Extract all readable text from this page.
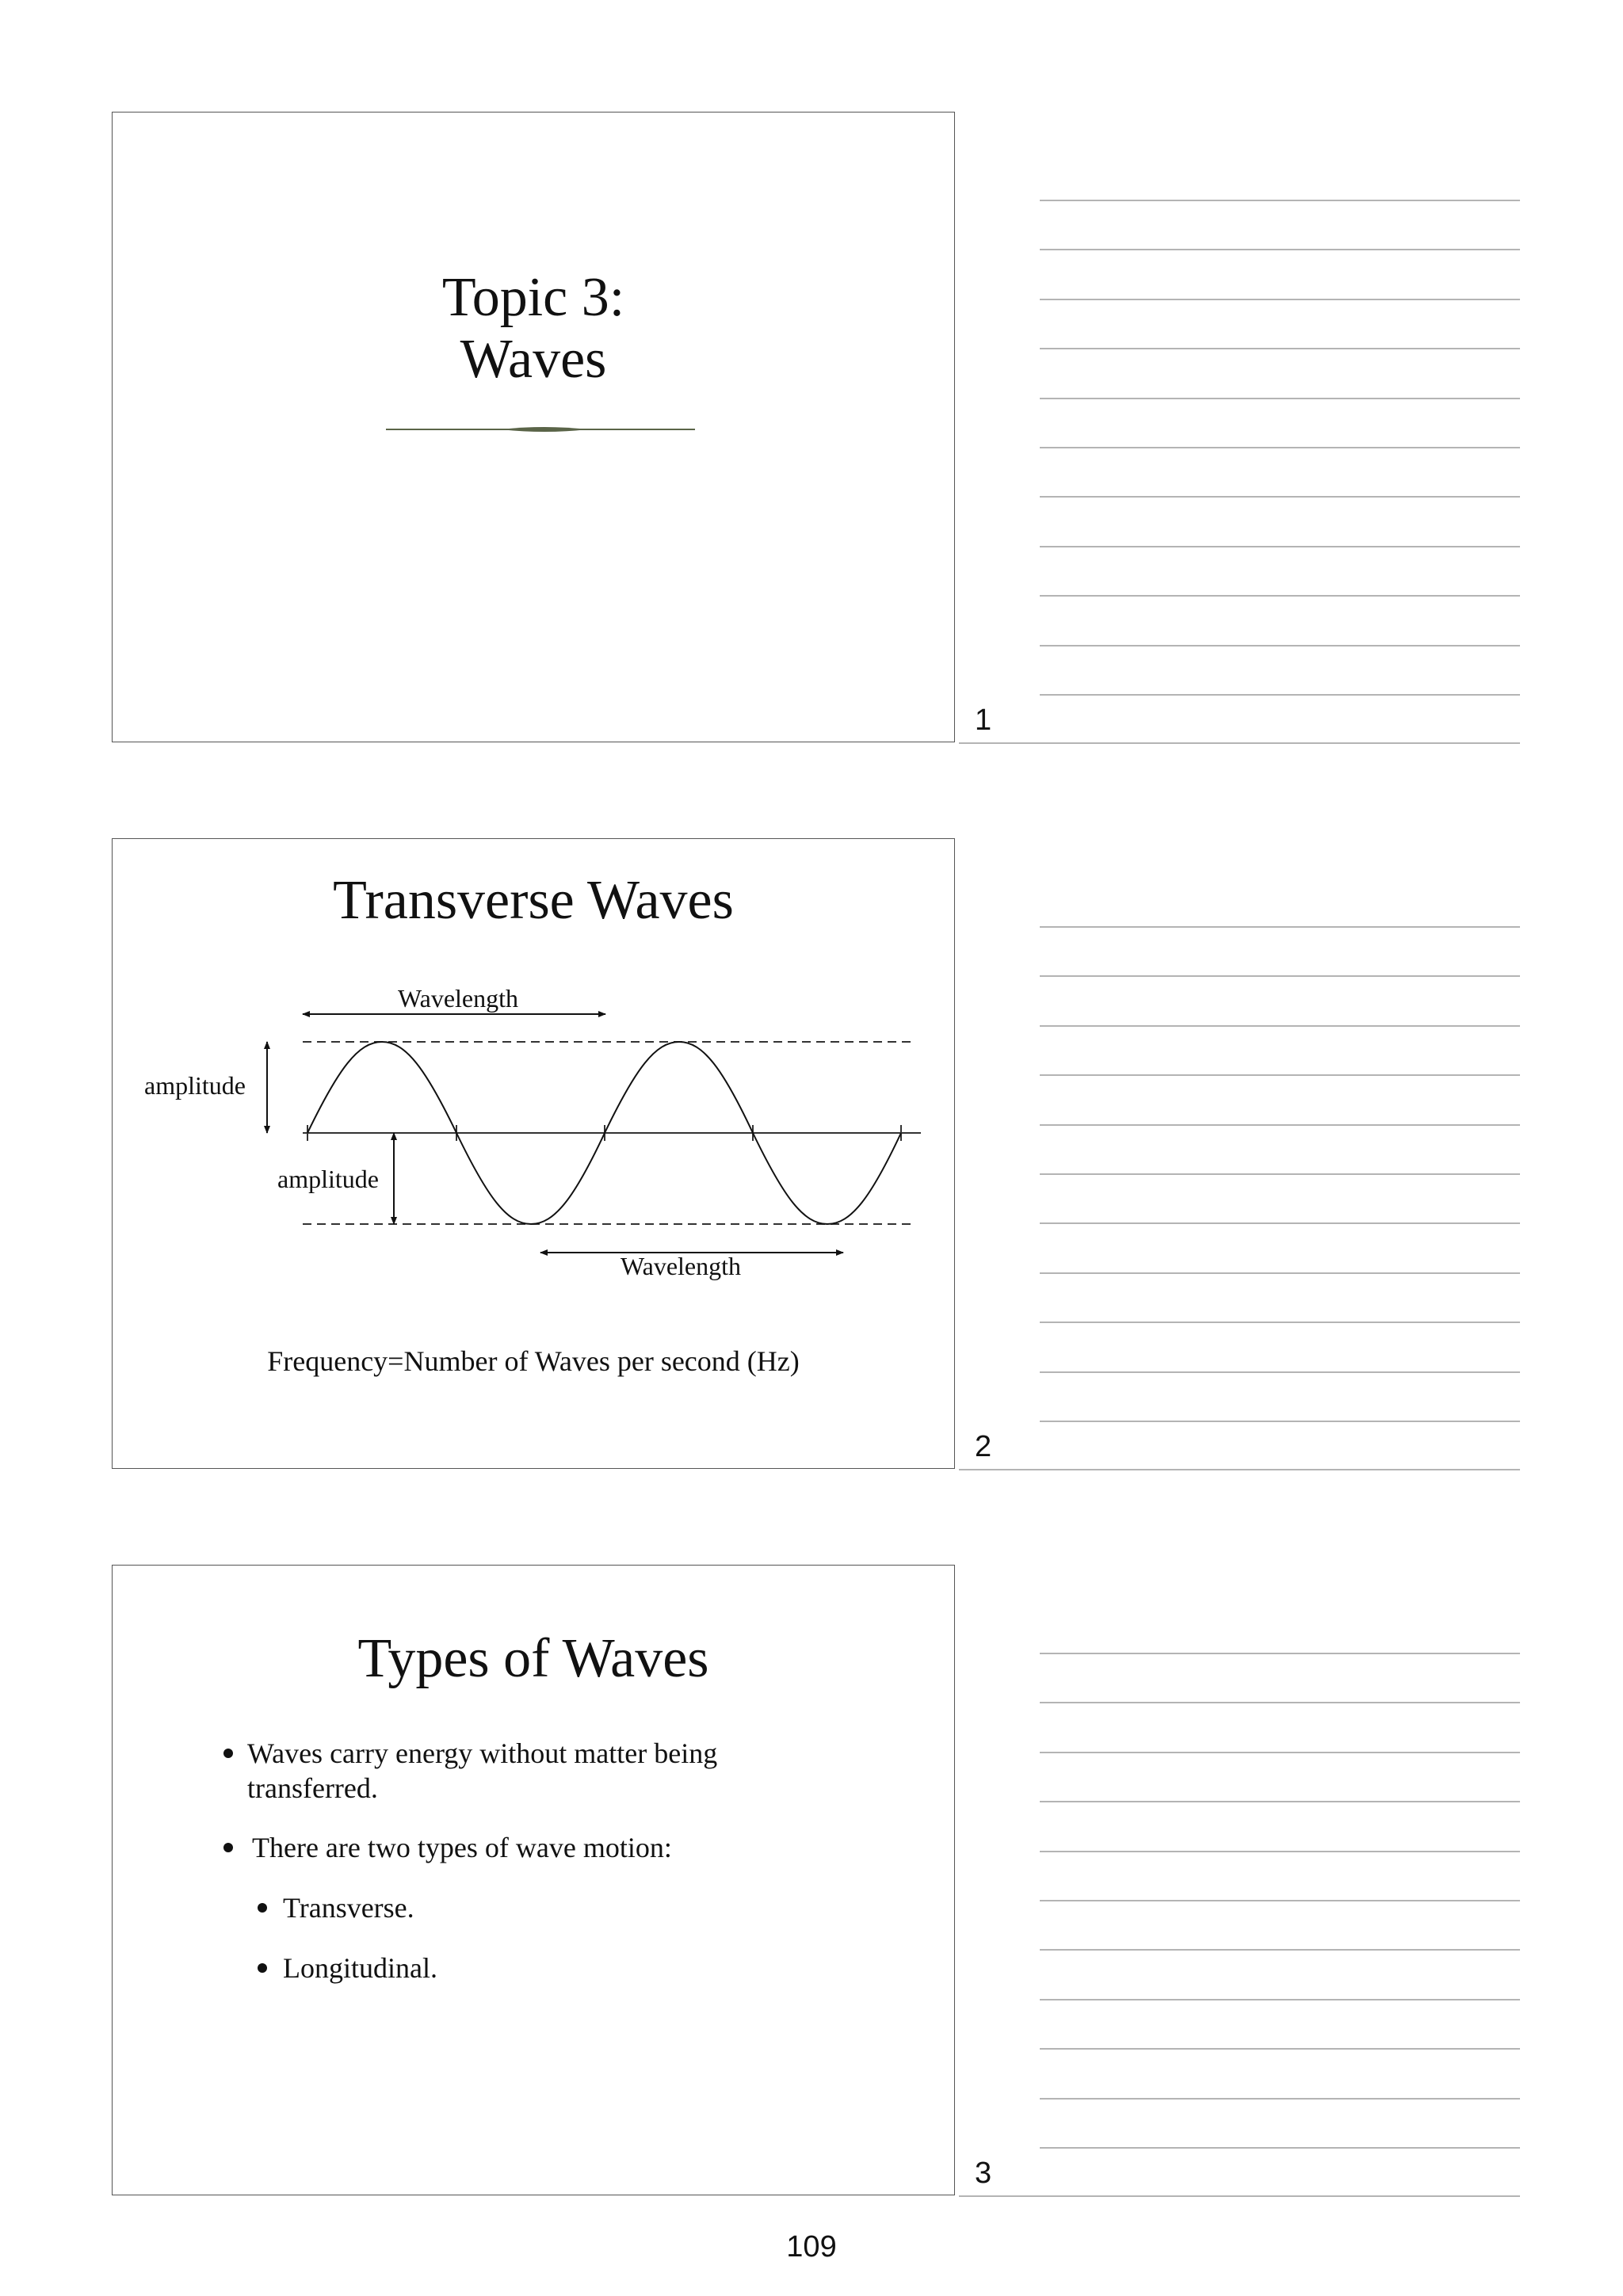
Topic 3:
Waves
1
Transverse Waves
Wavelength
amplitude
amplitude
Wavelength
Frequency=Number of Waves per second (Hz)
2
Types of Waves
Waves carry energy without matter being
transferred.
There are two types of wave motion:
Transverse.
Longitudinal.
3
109
